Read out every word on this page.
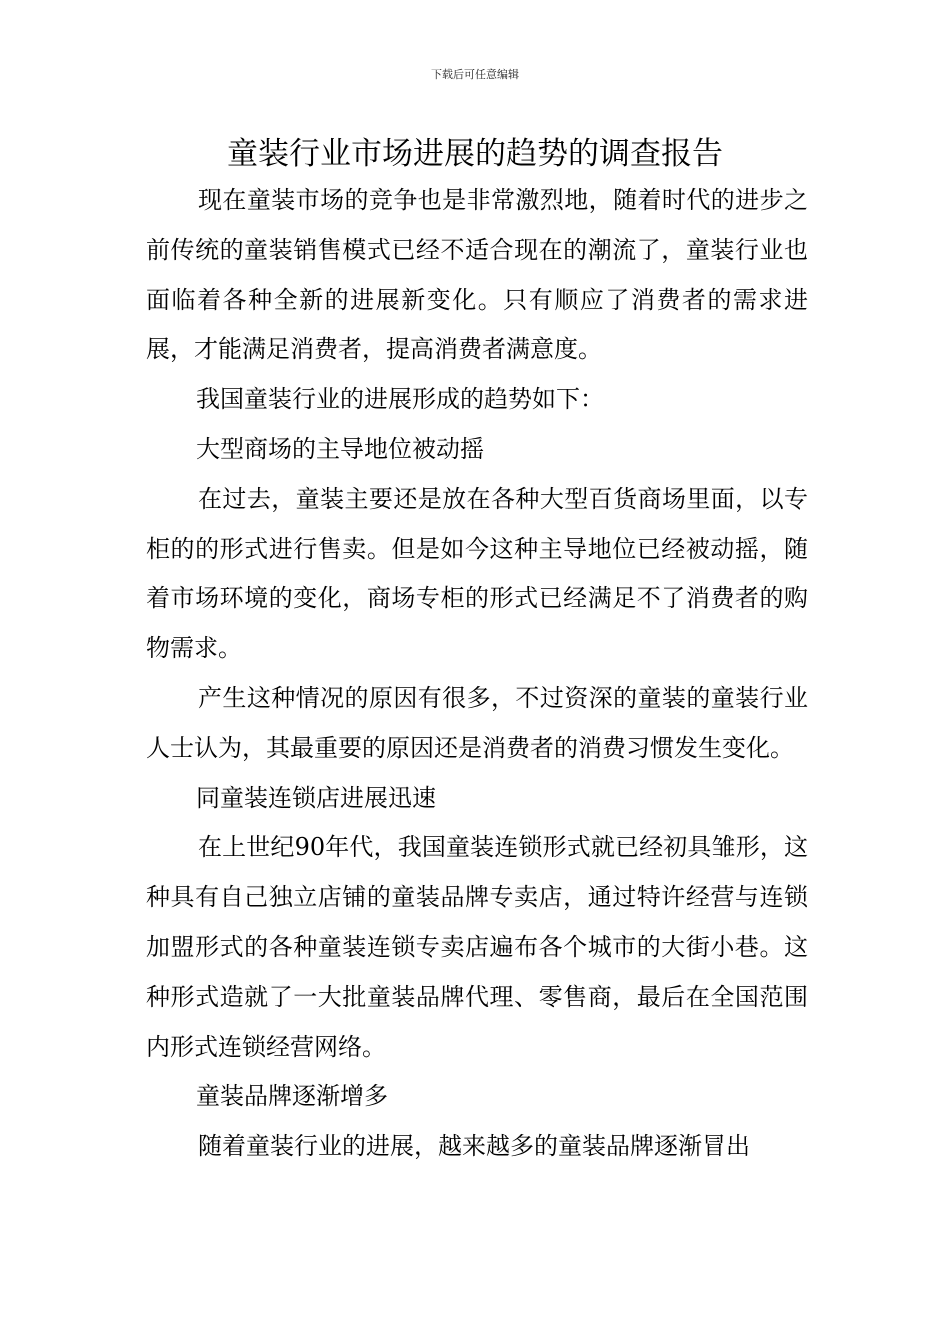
下载后可任意编辑
童装行业市场进展的趋势的调查报告

现在童装市场的竞争也是非常激烈地，随着时代的进步之前传统的童装销售模式已经不适合现在的潮流了，童装行业也面临着各种全新的进展新变化。只有顺应了消费者的需求进展，才能满足消费者，提高消费者满意度。

我国童装行业的进展形成的趋势如下：

大型商场的主导地位被动摇

在过去，童装主要还是放在各种大型百货商场里面，以专柜的的形式进行售卖。但是如今这种主导地位已经被动摇，随着市场环境的变化，商场专柜的形式已经满足不了消费者的购物需求。

产生这种情况的原因有很多，不过资深的童装的童装行业人士认为，其最重要的原因还是消费者的消费习惯发生变化。

同童装连锁店进展迅速

在上世纪90年代，我国童装连锁形式就已经初具雏形，这种具有自己独立店铺的童装品牌专卖店，通过特许经营与连锁加盟形式的各种童装连锁专卖店遍布各个城市的大街小巷。这种形式造就了一大批童装品牌代理、零售商，最后在全国范围内形式连锁经营网络。

童装品牌逐渐增多

随着童装行业的进展，越来越多的童装品牌逐渐冒出
